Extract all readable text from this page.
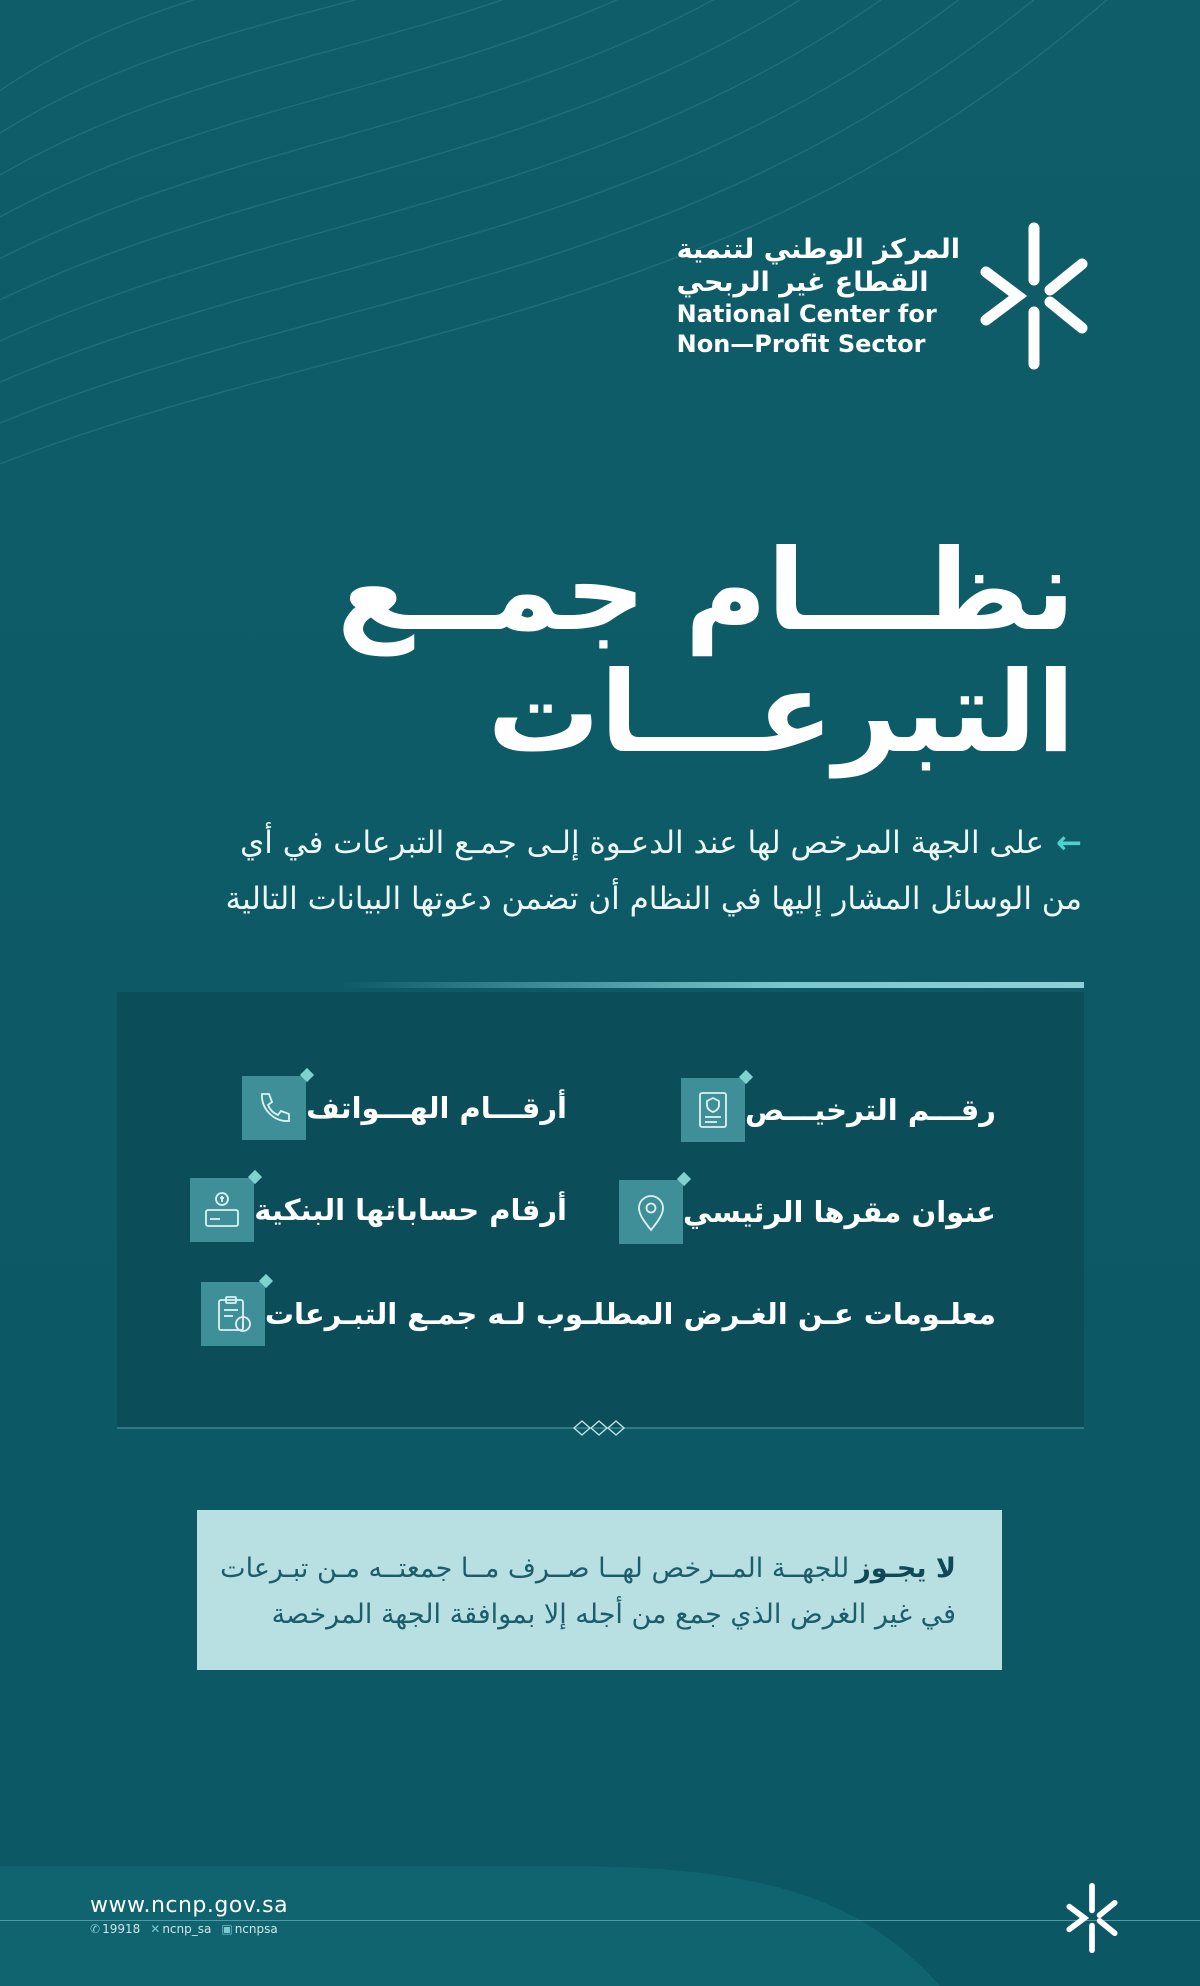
المركز الوطني لتنمية
القطاع غير الربحي
National Center for
Non—Profit Sector
نظـــام جمــع
التبرعـــات
←على الجهة المرخص لها عند الدعـوة إلـى جمـع التبرعات في أي
من الوسائل المشار إليها في النظام أن تضمن دعوتها البيانات التالية
رقـــم الترخيـــص
أرقـــام الهـــواتف
عنوان مقرها الرئيسي
أرقام حساباتها البنكية
معلـومات عـن الغـرض المطلـوب لـه جمـع التبـرعات
لا يجـوزللجهــة المــرخص لهــا صــرف مــا جمعتــه مـن تبـرعات
في غير الغرض الذي جمع من أجله إلا بموافقة الجهة المرخصة
www.ncnp.gov.sa
✆ 19918 ✕ ncnp_sa ▣ ncnpsa
